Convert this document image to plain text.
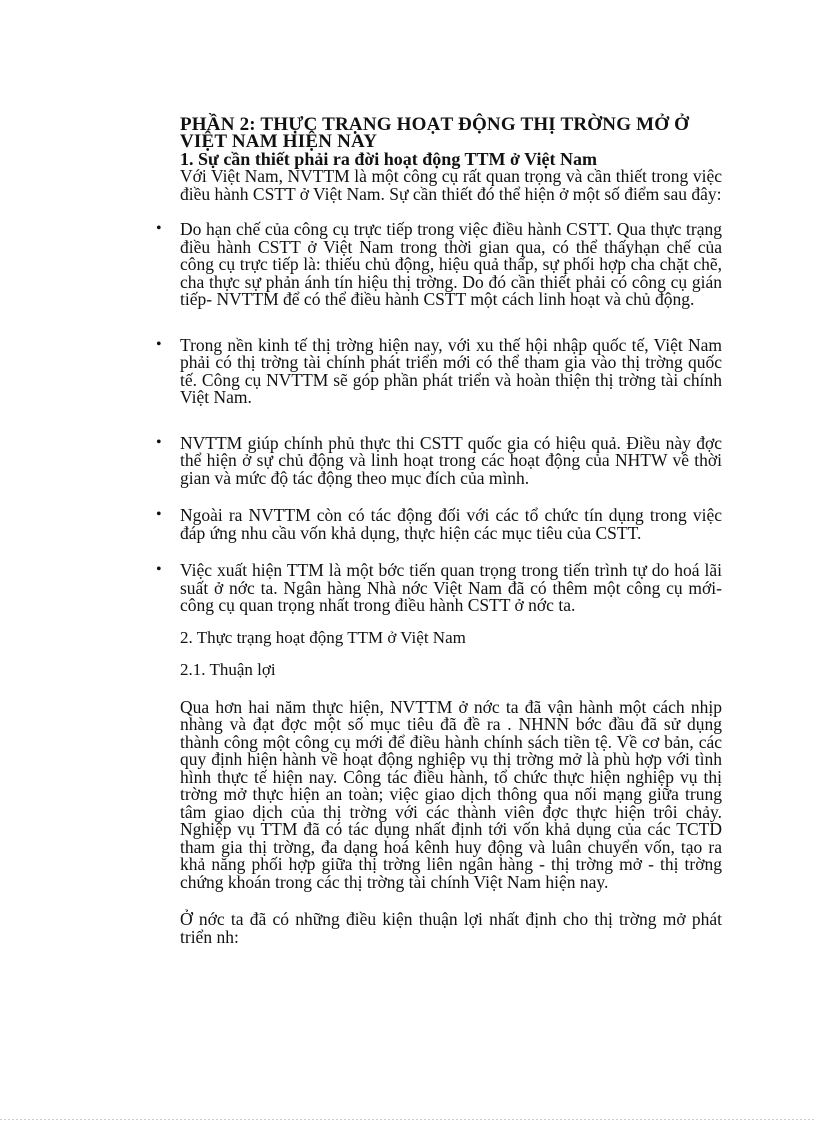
PHẦN 2: THỰC TRẠNG HOẠT ĐỘNG THỊ TRỜNG MỞ Ở VIỆT NAM HIỆN NAY
1. Sự cần thiết phải ra đời hoạt động TTM ở Việt Nam

Với Việt Nam, NVTTM là một công cụ rất quan trọng và cần thiết trong việc điều hành CSTT ở Việt Nam. Sự cần thiết đó thể hiện ở một số điểm sau đây:

• Do hạn chế của công cụ trực tiếp trong việc điều hành CSTT. Qua thực trạng điều hành CSTT ở Việt Nam trong thời gian qua, có thể thấyhạn chế của công cụ trực tiếp là: thiếu chủ động, hiệu quả thấp, sự phối hợp cha chặt chẽ, cha thực sự phản ánh tín hiệu thị trờng. Do đó cần thiết phải có công cụ gián tiếp- NVTTM để có thể điều hành CSTT một cách linh hoạt và chủ động.
• Trong nền kinh tế thị trờng hiện nay, với xu thế hội nhập quốc tế, Việt Nam phải có thị trờng tài chính phát triển mới có thể tham gia vào thị trờng quốc tế. Công cụ NVTTM sẽ góp phần phát triển và hoàn thiện thị trờng tài chính Việt Nam.
• NVTTM giúp chính phủ thực thi CSTT quốc gia có hiệu quả. Điều này đợc thể hiện ở sự chủ động và linh hoạt trong các hoạt động của NHTW về thời gian và mức độ tác động theo mục đích của mình.
• Ngoài ra NVTTM còn có tác động đối với các tổ chức tín dụng trong việc đáp ứng nhu cầu vốn khả dụng, thực hiện các mục tiêu của CSTT.
• Việc xuất hiện TTM là một bớc tiến quan trọng trong tiến trình tự do hoá lãi suất ở nớc ta. Ngân hàng Nhà nớc Việt Nam đã có thêm một công cụ mới- công cụ quan trọng nhất trong điều hành CSTT ở nớc ta.

2. Thực trạng hoạt động TTM ở Việt Nam

2.1. Thuận lợi

Qua hơn hai năm thực hiện, NVTTM ở nớc ta đã vận hành một cách nhịp nhàng và đạt đợc một số mục tiêu đã đề ra . NHNN bớc đầu đã sử dụng thành công một công cụ mới để điều hành chính sách tiền tệ. Về cơ bản, các quy định hiện hành về hoạt động nghiệp vụ thị trờng mở là phù hợp với tình hình thực tế hiện nay. Công tác điều hành, tổ chức thực hiện nghiệp vụ thị trờng mở thực hiện an toàn; việc giao dịch thông qua nối mạng giữa trung tâm giao dịch của thị trờng với các thành viên đợc thực hiện trôi chảy. Nghiệp vụ TTM đã có tác dụng nhất định tới vốn khả dụng của các TCTD tham gia thị trờng, đa dạng hoá kênh huy động và luân chuyển vốn, tạo ra khả năng phối hợp giữa thị trờng liên ngân hàng - thị trờng mở - thị trờng chứng khoán trong các thị trờng tài chính Việt Nam hiện nay.

Ở nớc ta đã có những điều kiện thuận lợi nhất định cho thị trờng mở phát triển nh:
